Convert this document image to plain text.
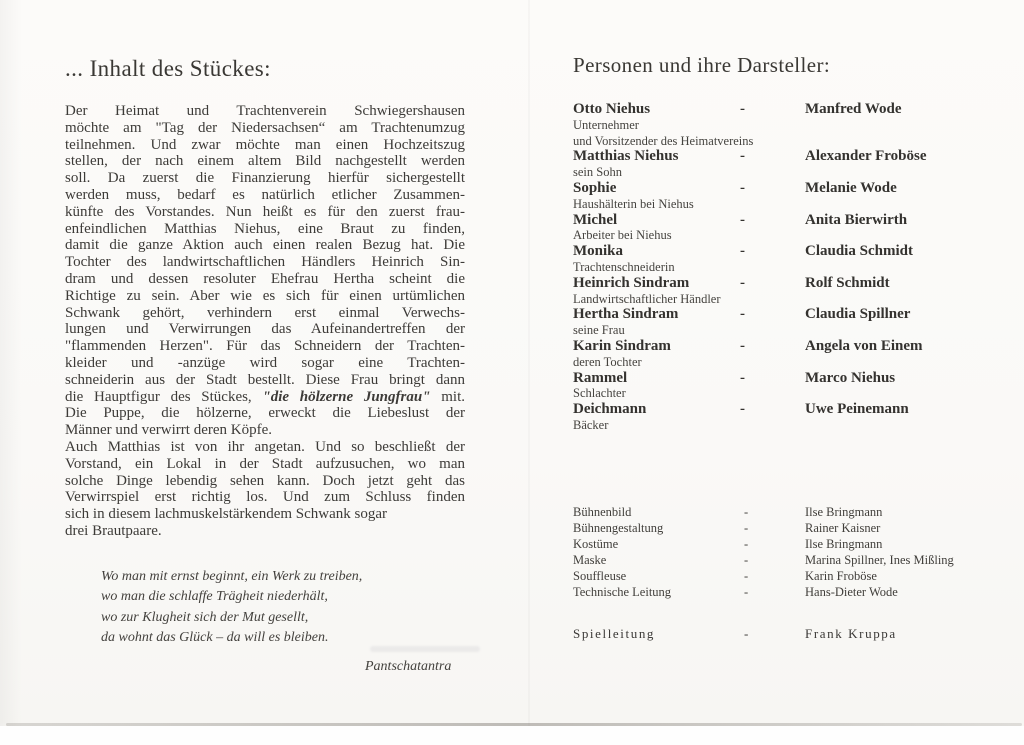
... Inhalt des Stückes:
Der Heimat und Trachtenverein Schwiegershausen
möchte am "Tag der Niedersachsen“ am Trachtenumzug
teilnehmen. Und zwar möchte man einen Hochzeitszug
stellen, der nach einem altem Bild nachgestellt werden
soll. Da zuerst die Finanzierung hierfür sichergestellt
werden muss, bedarf es natürlich etlicher Zusammen-
künfte des Vorstandes. Nun heißt es für den zuerst frau-
enfeindlichen Matthias Niehus, eine Braut zu finden,
damit die ganze Aktion auch einen realen Bezug hat. Die
Tochter des landwirtschaftlichen Händlers Heinrich Sin-
dram und dessen resoluter Ehefrau Hertha scheint die
Richtige zu sein. Aber wie es sich für einen urtümlichen
Schwank gehört, verhindern erst einmal Verwechs-
lungen und Verwirrungen das Aufeinandertreffen der
"flammenden Herzen". Für das Schneidern der Trachten-
kleider und -anzüge wird sogar eine Trachten-
schneiderin aus der Stadt bestellt. Diese Frau bringt dann
die Hauptfigur des Stückes, "die hölzerne Jungfrau" mit.
Die Puppe, die hölzerne, erweckt die Liebeslust der
Männer und verwirrt deren Köpfe.
Auch Matthias ist von ihr angetan. Und so beschließt der
Vorstand, ein Lokal in der Stadt aufzusuchen, wo man
solche Dinge lebendig sehen kann. Doch jetzt geht das
Verwirrspiel erst richtig los. Und zum Schluss finden
sich in diesem lachmuskelstärkendem Schwank sogar
drei Brautpaare.
Wo man mit ernst beginnt, ein Werk zu treiben,
wo man die schlaffe Trägheit niederhält,
wo zur Klugheit sich der Mut gesellt,
da wohnt das Glück – da will es bleiben.
Pantschatantra
Personen und ihre Darsteller:
Otto Niehus	-	Manfred Wode
Unternehmer
und Vorsitzender des Heimatvereins
Matthias Niehus	-	Alexander Froböse
sein Sohn
Sophie	-	Melanie Wode
Haushälterin bei Niehus
Michel	-	Anita Bierwirth
Arbeiter bei Niehus
Monika	-	Claudia Schmidt
Trachtenschneiderin
Heinrich Sindram	-	Rolf Schmidt
Landwirtschaftlicher Händler
Hertha Sindram	-	Claudia Spillner
seine Frau
Karin Sindram	-	Angela von Einem
deren Tochter
Rammel	-	Marco Niehus
Schlachter
Deichmann	-	Uwe Peinemann
Bäcker
Bühnenbild	-	Ilse Bringmann
Bühnengestaltung	-	Rainer Kaisner
Kostüme	-	Ilse Bringmann
Maske	-	Marina Spillner, Ines Mißling
Souffleuse	-	Karin Froböse
Technische Leitung	-	Hans-Dieter Wode
Spielleitung	-	Frank Kruppa
